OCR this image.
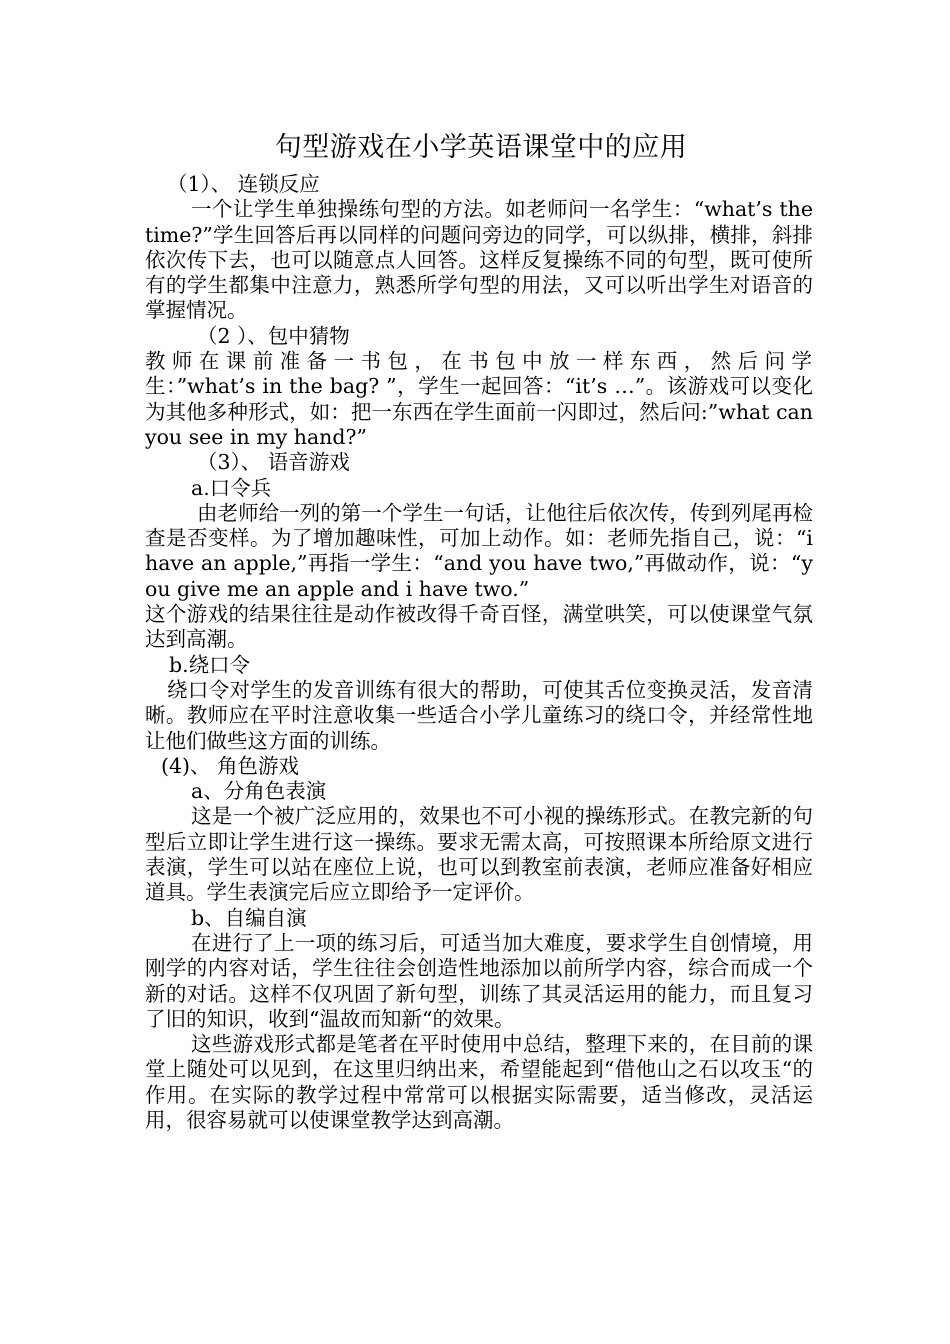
句型游戏在小学英语课堂中的应用

（1）、 连锁反应

一个让学生单独操练句型的方法。如老师问一名学生：“what’s the time?”学生回答后再以同样的问题问旁边的同学，可以纵排，横排，斜排依次传下去，也可以随意点人回答。这样反复操练不同的句型，既可使所有的学生都集中注意力，熟悉所学句型的用法，又可以听出学生对语音的掌握情况。

（2 ）、包中猜物

教师在课前准备一书包，在书包中放一样东西，然后问学

生：”what’s in the bag? ”，学生一起回答：“it’s …”。该游戏可以变化为其他多种形式，如：把一东西在学生面前一闪即过，然后问:”what can you see in my hand?”

（3）、 语音游戏

a.口令兵

由老师给一列的第一个学生一句话，让他往后依次传，传到列尾再检查是否变样。为了增加趣味性，可加上动作。如：老师先指自己，说：“i have an apple,”再指一学生：“and you have two,”再做动作，说：“you give me an apple and i have two.”

这个游戏的结果往往是动作被改得千奇百怪，满堂哄笑，可以使课堂气氛达到高潮。

b.绕口令

绕口令对学生的发音训练有很大的帮助，可使其舌位变换灵活，发音清晰。教师应在平时注意收集一些适合小学儿童练习的绕口令，并经常性地让他们做些这方面的训练。

(4)、 角色游戏

a、分角色表演

这是一个被广泛应用的，效果也不可小视的操练形式。在教完新的句型后立即让学生进行这一操练。要求无需太高，可按照课本所给原文进行表演，学生可以站在座位上说，也可以到教室前表演，老师应准备好相应道具。学生表演完后应立即给予一定评价。

b、自编自演

在进行了上一项的练习后，可适当加大难度，要求学生自创情境，用刚学的内容对话，学生往往会创造性地添加以前所学内容，综合而成一个新的对话。这样不仅巩固了新句型，训练了其灵活运用的能力，而且复习了旧的知识，收到“温故而知新“的效果。

这些游戏形式都是笔者在平时使用中总结，整理下来的，在目前的课堂上随处可以见到，在这里归纳出来，希望能起到“借他山之石以攻玉“的作用。在实际的教学过程中常常可以根据实际需要，适当修改，灵活运用，很容易就可以使课堂教学达到高潮。
